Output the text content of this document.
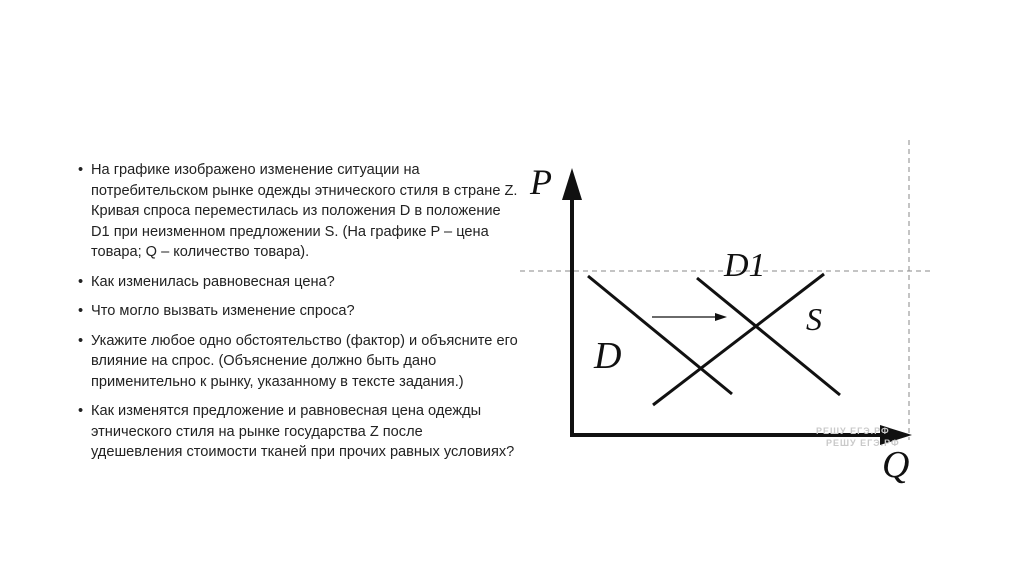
• На графике изображено изменение ситуации на потребительском рынке одежды этнического стиля в стране Z. Кривая спроса переместилась из положения D в положение D1 при неизменном предложении S. (На графике P – цена товара; Q – количество товара).
• Как изменилась равновесная цена?
• Что могло вызвать изменение спроса?
• Укажите любое одно обстоятельство (фактор) и объясните его влияние на спрос. (Объяснение должно быть дано применительно к рынку, указанному в тексте задания.)
• Как изменятся предложение и равновесная цена одежды этнического стиля на рынке государства Z после удешевления стоимости тканей при прочих равных условиях?
P
Q
D
D1
S
РЕШУ ЕГЭ.РФ
РЕШУ ЕГЭ.РФ
